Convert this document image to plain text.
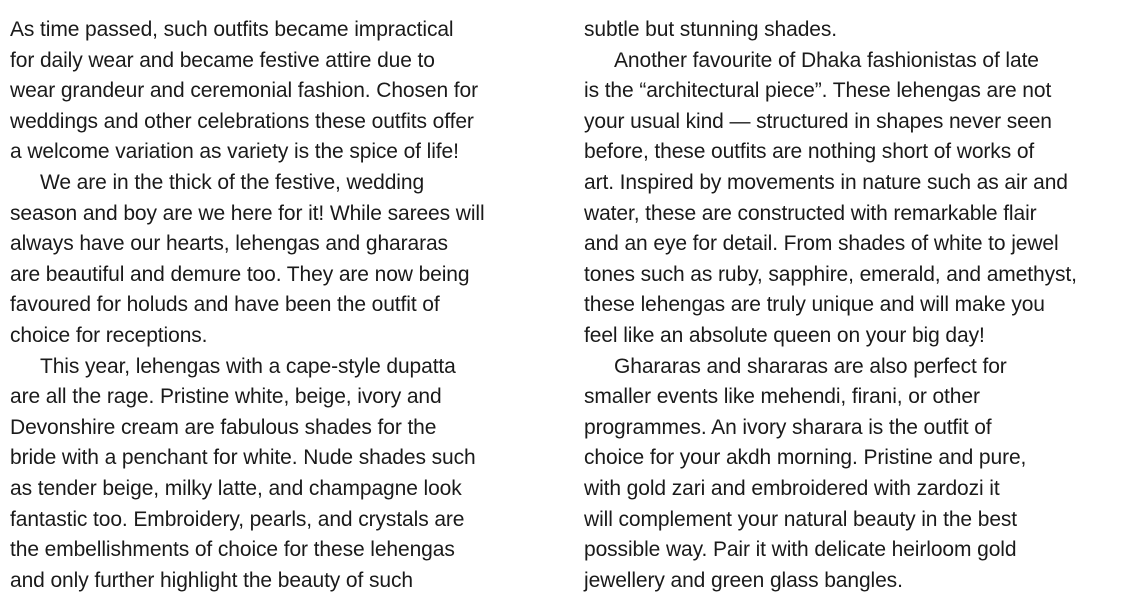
As time passed, such outfits became impractical
for daily wear and became festive attire due to
wear grandeur and ceremonial fashion. Chosen for
weddings and other celebrations these outfits offer
a welcome variation as variety is the spice of life!
We are in the thick of the festive, wedding
season and boy are we here for it! While sarees will
always have our hearts, lehengas and ghararas
are beautiful and demure too. They are now being
favoured for holuds and have been the outfit of
choice for receptions.
This year, lehengas with a cape-style dupatta
are all the rage. Pristine white, beige, ivory and
Devonshire cream are fabulous shades for the
bride with a penchant for white. Nude shades such
as tender beige, milky latte, and champagne look
fantastic too. Embroidery, pearls, and crystals are
the embellishments of choice for these lehengas
and only further highlight the beauty of such
subtle but stunning shades.
Another favourite of Dhaka fashionistas of late
is the “architectural piece”. These lehengas are not
your usual kind — structured in shapes never seen
before, these outfits are nothing short of works of
art. Inspired by movements in nature such as air and
water, these are constructed with remarkable flair
and an eye for detail. From shades of white to jewel
tones such as ruby, sapphire, emerald, and amethyst,
these lehengas are truly unique and will make you
feel like an absolute queen on your big day!
Ghararas and shararas are also perfect for
smaller events like mehendi, firani, or other
programmes. An ivory sharara is the outfit of
choice for your akdh morning. Pristine and pure,
with gold zari and embroidered with zardozi it
will complement your natural beauty in the best
possible way. Pair it with delicate heirloom gold
jewellery and green glass bangles.
